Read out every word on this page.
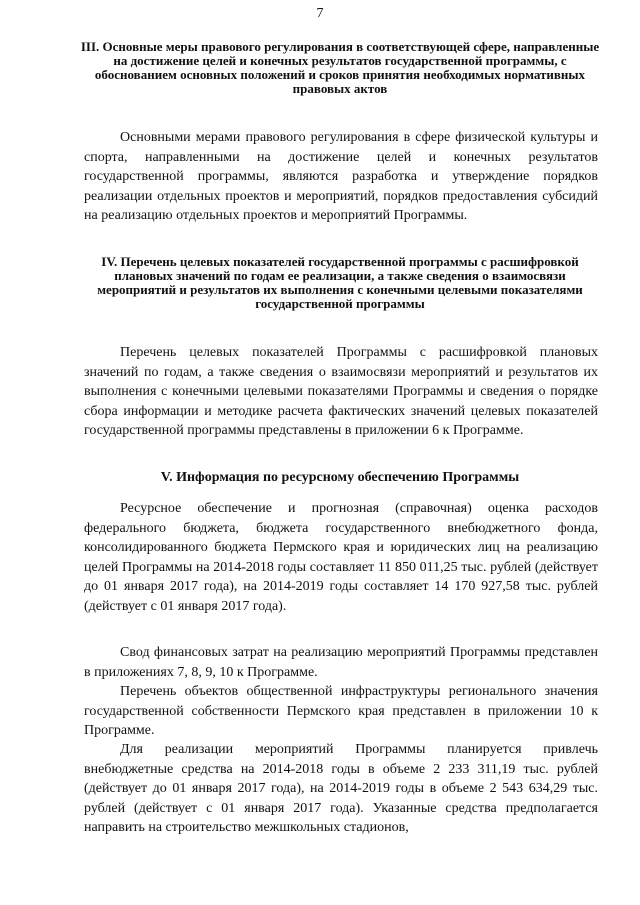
7
III. Основные меры правового регулирования в соответствующей сфере, направленные на достижение целей и конечных результатов государственной программы, с обоснованием основных положений и сроков принятия необходимых нормативных правовых актов
Основными мерами правового регулирования в сфере физической культуры и спорта, направленными на достижение целей и конечных результатов государственной программы, являются разработка и утверждение порядков реализации отдельных проектов и мероприятий, порядков предоставления субсидий на реализацию отдельных проектов и мероприятий Программы.
IV. Перечень целевых показателей государственной программы с расшифровкой плановых значений по годам ее реализации, а также сведения о взаимосвязи мероприятий и результатов их выполнения с конечными целевыми показателями государственной программы
Перечень целевых показателей Программы с расшифровкой плановых значений по годам, а также сведения о взаимосвязи мероприятий и результатов их выполнения с конечными целевыми показателями Программы и сведения о порядке сбора информации и методике расчета фактических значений целевых показателей государственной программы представлены в приложении 6 к Программе.
V. Информация по ресурсному обеспечению Программы
Ресурсное обеспечение и прогнозная (справочная) оценка расходов федерального бюджета, бюджета государственного внебюджетного фонда, консолидированного бюджета Пермского края и юридических лиц на реализацию целей Программы на 2014-2018 годы составляет 11 850 011,25 тыс. рублей (действует до 01 января 2017 года), на 2014-2019 годы составляет 14 170 927,58 тыс. рублей (действует с 01 января 2017 года).
Свод финансовых затрат на реализацию мероприятий Программы представлен в приложениях 7, 8, 9, 10 к Программе.
Перечень объектов общественной инфраструктуры регионального значения государственной собственности Пермского края представлен в приложении 10 к Программе.
Для реализации мероприятий Программы планируется привлечь внебюджетные средства на 2014-2018 годы в объеме 2 233 311,19 тыс. рублей (действует до 01 января 2017 года), на 2014-2019 годы в объеме 2 543 634,29 тыс. рублей (действует с 01 января 2017 года). Указанные средства предполагается направить на строительство межшкольных стадионов,
